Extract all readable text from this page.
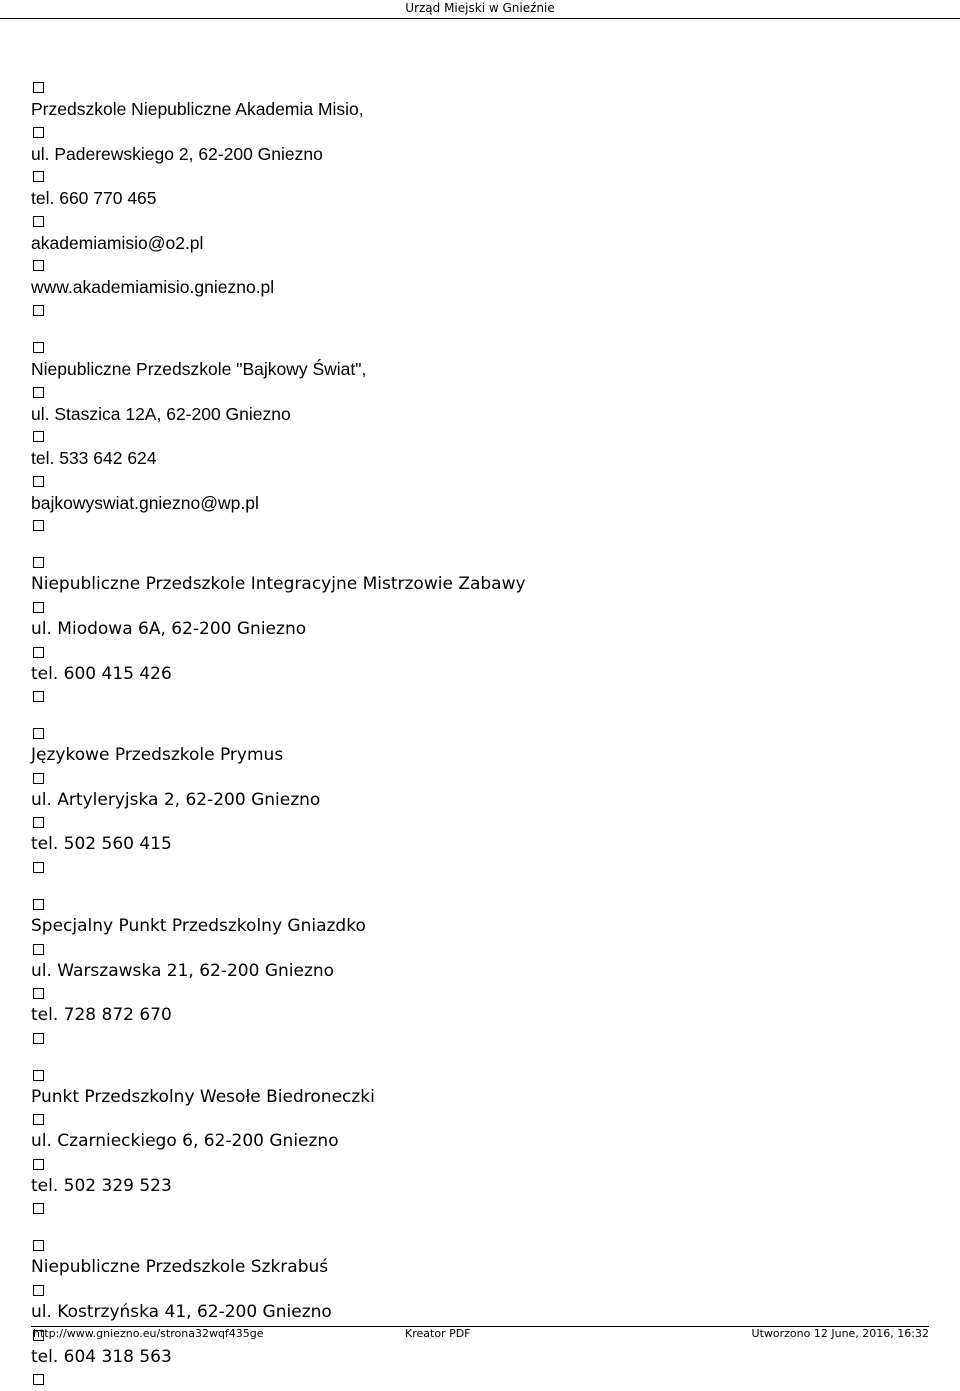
Urząd Miejski w Gnieźnie
Przedszkole Niepubliczne Akademia Misio,
ul. Paderewskiego 2, 62-200 Gniezno
tel. 660 770 465
akademiamisio@o2.pl
www.akademiamisio.gniezno.pl
Niepubliczne Przedszkole "Bajkowy Świat",
ul. Staszica 12A, 62-200 Gniezno
tel. 533 642 624
bajkowyswiat.gniezno@wp.pl
Niepubliczne Przedszkole Integracyjne Mistrzowie Zabawy
ul. Miodowa 6A, 62-200 Gniezno
tel. 600 415 426
Językowe Przedszkole Prymus
ul. Artyleryjska 2, 62-200 Gniezno
tel. 502 560 415
Specjalny Punkt Przedszkolny Gniazdko
ul. Warszawska 21, 62-200 Gniezno
tel. 728 872 670
Punkt Przedszkolny Wesołe Biedroneczki
ul. Czarnieckiego 6, 62-200 Gniezno
tel. 502 329 523
Niepubliczne Przedszkole Szkrabuś
ul. Kostrzyńska 41, 62-200 Gniezno
tel. 604 318 563
http://www.gniezno.eu/strona32wqf435ge	Kreator PDF	Utworzono 12 June, 2016, 16:32
